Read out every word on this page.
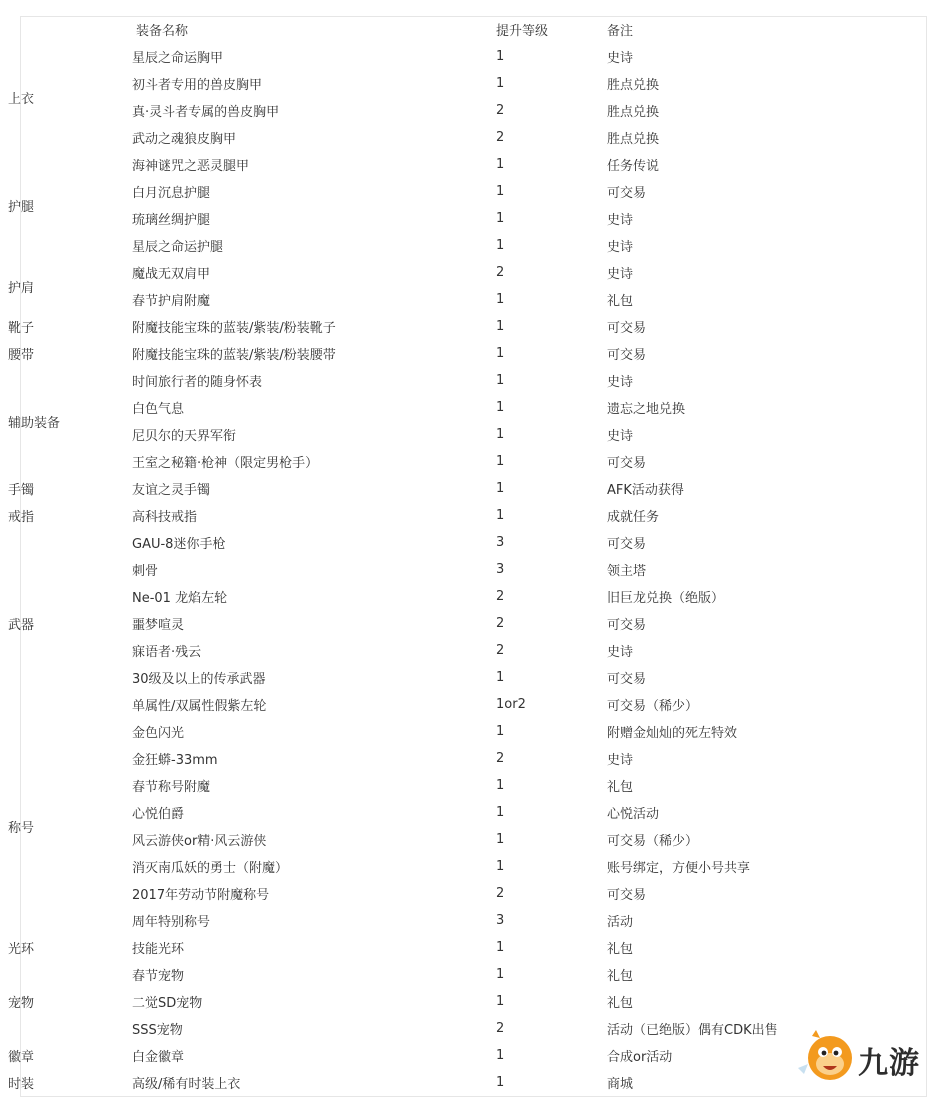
	装备名称	提升等级	备注
上衣	星辰之命运胸甲	1	史诗
	初斗者专用的兽皮胸甲	1	胜点兑换
	真·灵斗者专属的兽皮胸甲	2	胜点兑换
	武动之魂狼皮胸甲	2	胜点兑换
护腿	海神谜咒之恶灵腿甲	1	任务传说
	白月沉息护腿	1	可交易
	琉璃丝绸护腿	1	史诗
	星辰之命运护腿	1	史诗
护肩	魔战无双肩甲	2	史诗
	春节护肩附魔	1	礼包
靴子	附魔技能宝珠的蓝装/紫装/粉装靴子	1	可交易
腰带	附魔技能宝珠的蓝装/紫装/粉装腰带	1	可交易
辅助装备	时间旅行者的随身怀表	1	史诗
	白色气息	1	遗忘之地兑换
	尼贝尔的天界军衔	1	史诗
	王室之秘籍·枪神（限定男枪手）	1	可交易
手镯	友谊之灵手镯	1	AFK活动获得
戒指	高科技戒指	1	成就任务
武器	GAU-8迷你手枪	3	可交易
	刺骨	3	领主塔
	Ne-01 龙焰左轮	2	旧巨龙兑换（绝版）
	噩梦喧灵	2	可交易
	寐语者·残云	2	史诗
	30级及以上的传承武器	1	可交易
	单属性/双属性假紫左轮	1or2	可交易（稀少）
称号	金色闪光	1	附赠金灿灿的死左特效
	金狂蟒-33mm	2	史诗
	春节称号附魔	1	礼包
	心悦伯爵	1	心悦活动
	风云游侠or精·风云游侠	1	可交易（稀少）
	消灭南瓜妖的勇士（附魔）	1	账号绑定，方便小号共享
	2017年劳动节附魔称号	2	可交易
	周年特别称号	3	活动
光环	技能光环	1	礼包
宠物	春节宠物	1	礼包
	二觉SD宠物	1	礼包
	SSS宠物	2	活动（已绝版）偶有CDK出售
徽章	白金徽章	1	合成or活动
时装	高级/稀有时装上衣	1	商城
九游
